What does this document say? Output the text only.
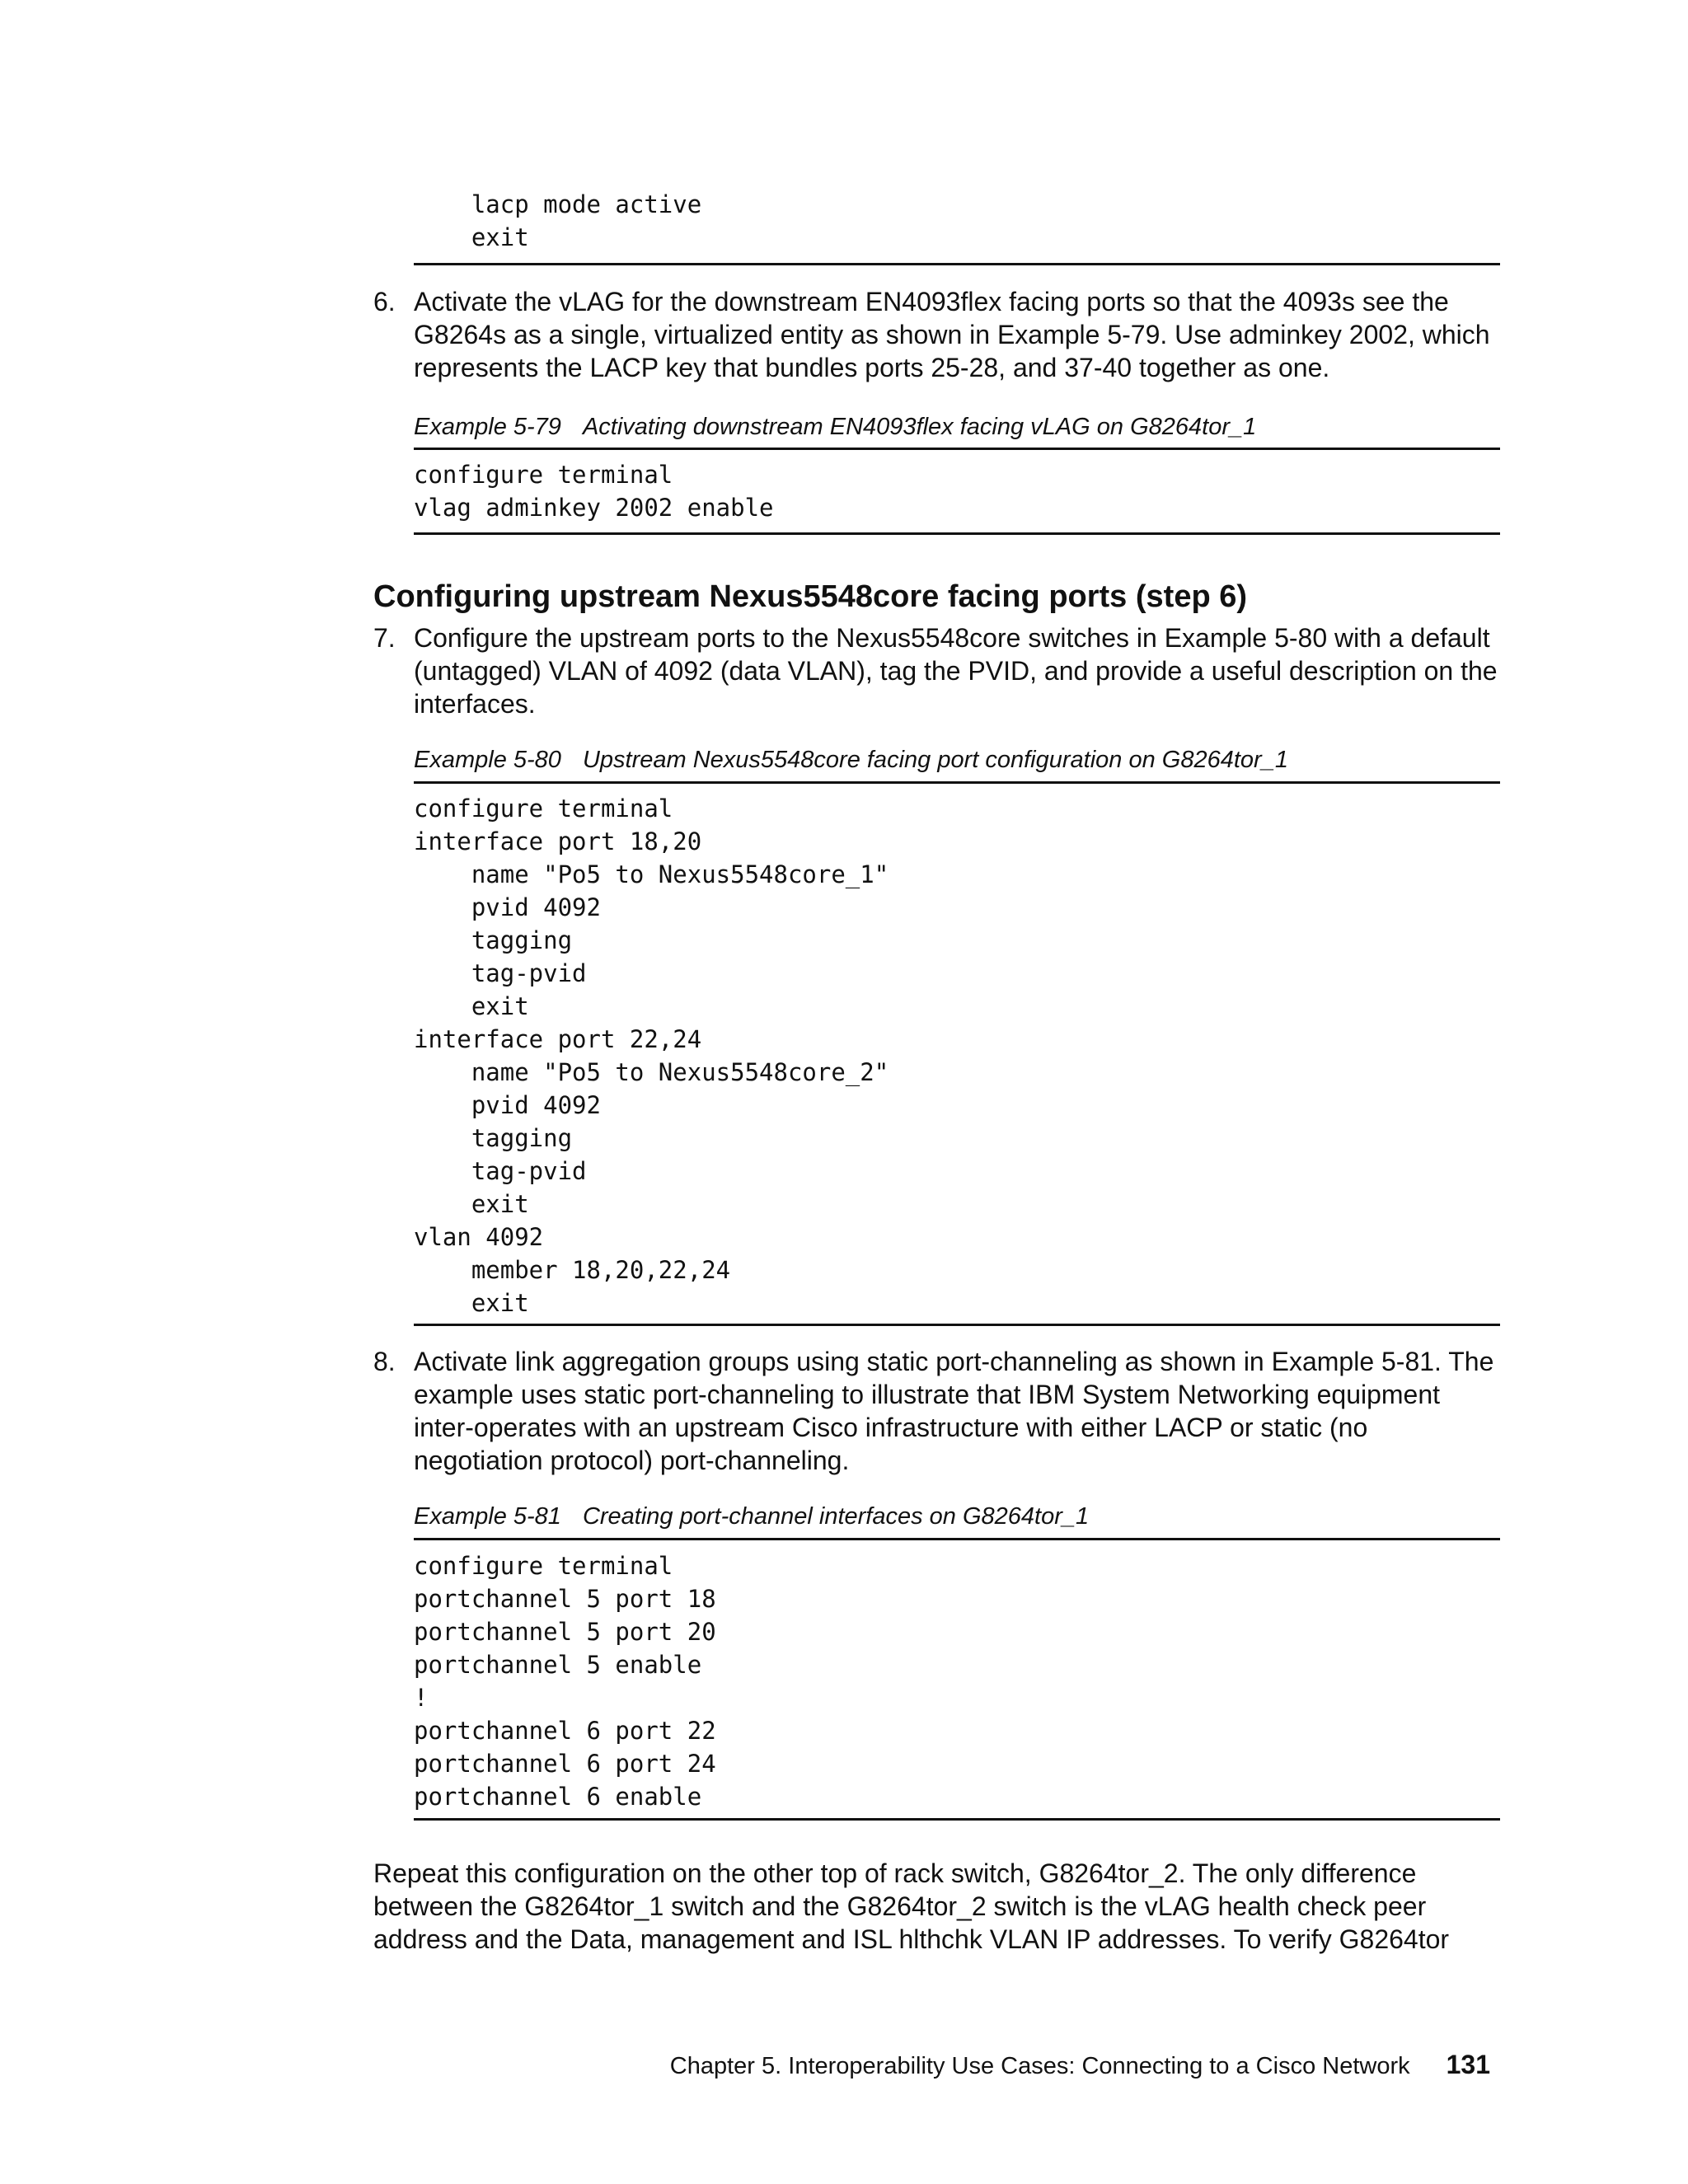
lacp mode active
exit
6. Activate the vLAG for the downstream EN4093flex facing ports so that the 4093s see the G8264s as a single, virtualized entity as shown in Example 5-79. Use adminkey 2002, which represents the LACP key that bundles ports 25-28, and 37-40 together as one.
Example 5-79 Activating downstream EN4093flex facing vLAG on G8264tor_1
configure terminal
vlag adminkey 2002 enable
Configuring upstream Nexus5548core facing ports (step 6)
7. Configure the upstream ports to the Nexus5548core switches in Example 5-80 with a default (untagged) VLAN of 4092 (data VLAN), tag the PVID, and provide a useful description on the interfaces.
Example 5-80 Upstream Nexus5548core facing port configuration on G8264tor_1
configure terminal
interface port 18,20
name "Po5 to Nexus5548core_1"
pvid 4092
tagging
tag-pvid
exit
interface port 22,24
name "Po5 to Nexus5548core_2"
pvid 4092
tagging
tag-pvid
exit
vlan 4092
member 18,20,22,24
exit
8. Activate link aggregation groups using static port-channeling as shown in Example 5-81. The example uses static port-channeling to illustrate that IBM System Networking equipment inter-operates with an upstream Cisco infrastructure with either LACP or static (no negotiation protocol) port-channeling.
Example 5-81 Creating port-channel interfaces on G8264tor_1
configure terminal
portchannel 5 port 18
portchannel 5 port 20
portchannel 5 enable
!
portchannel 6 port 22
portchannel 6 port 24
portchannel 6 enable
Repeat this configuration on the other top of rack switch, G8264tor_2. The only difference between the G8264tor_1 switch and the G8264tor_2 switch is the vLAG health check peer address and the Data, management and ISL hlthchk VLAN IP addresses. To verify G8264tor
Chapter 5. Interoperability Use Cases: Connecting to a Cisco Network 131
